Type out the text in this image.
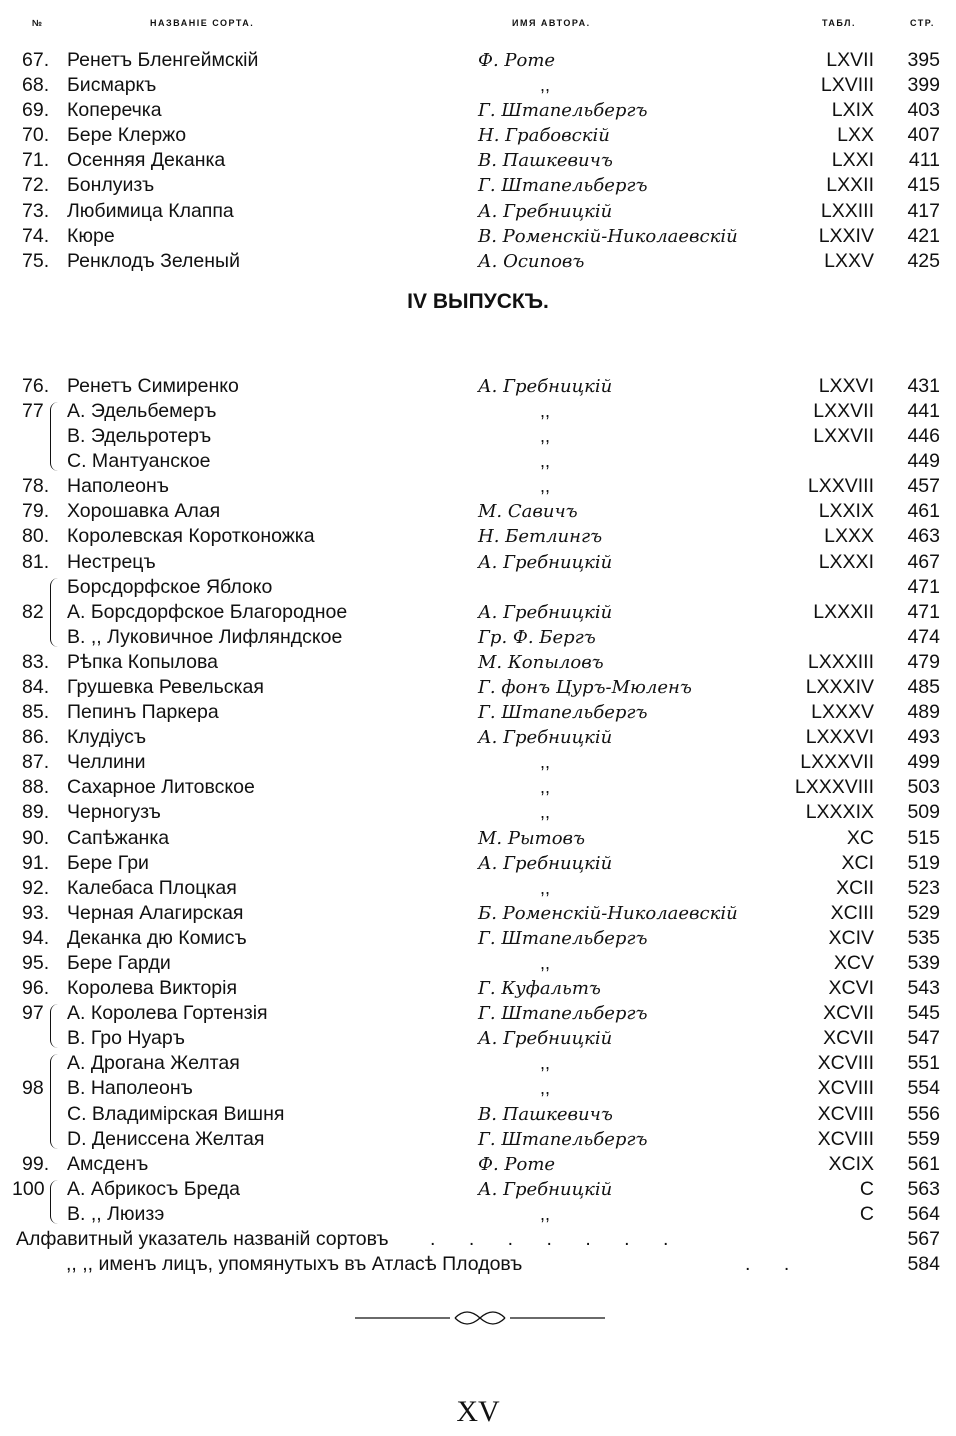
№	НАЗВАНIЕ СОРТА.	ИМЯ АВТОРА.	ТАБЛ.	СТР.
67. Ренетъ Бленгеймскiй	Ф. Роте	LXVII 395
68. Бисмаркъ	,,	LXVIII 399
69. Коперечка	Г. Штапельбергъ	LXIX 403
70. Бере Клержо	Н. Грабовскiй	LXX 407
71. Осенняя Деканка	В. Пашкевичъ	LXXI 411
72. Бонлуизъ	Г. Штапельбергъ	LXXII 415
73. Любимица Клаппа	А. Гребницкiй	LXXIII 417
74. Кюре	В. Роменскiй-Николаевскiй	LXXIV 421
75. Ренклодъ Зеленый	А. Осиповъ	LXXV 425
IV ВЫПУСКЪ.
76. Ренетъ Симиренко	А. Гребницкiй	LXXVI 431
77	А. Эдельбемеръ	,,	LXXVII 441
В. Эдельротеръ	,,	LXXVII 446
С. Мантуанское	,,	449
78. Наполеонъ	,,	LXXVIII 457
79. Хорошавка Алая	М. Савичъ	LXXIX 461
80. Королевская Коротконожка	Н. Бетлингъ	LXXX 463
81. Нестрецъ	А. Гребницкiй	LXXXI 467
Борсдорфское Яблоко	471
82	А. Борсдорфское Благородное	А. Гребницкiй	LXXXII 471
В. ,, Луковичное Лифляндское	Гр. Ф. Бергъ	474
83. Рѣпка Копылова	М. Копыловъ	LXXXIII 479
84. Грушевка Ревельская	Г. фонъ Цуръ-Мюленъ	LXXXIV 485
85. Пепинъ Паркера	Г. Штапельбергъ	LXXXV 489
86. Клудiусъ	А. Гребницкiй	LXXXVI 493
87. Челлини	,,	LXXXVII 499
88. Сахарное Литовское	,,	LXXXVIII 503
89. Черногузъ	,,	LXXXIX 509
90. Сапѣжанка	М. Рытовъ	XC 515
91. Бере Гри	А. Гребницкiй	XCI 519
92. Калебаса Плоцкая	,,	XCII 523
93. Черная Алагирская	Б. Роменскiй-Николаевскiй	XCIII 529
94. Деканка дю Комисъ	Г. Штапельбергъ	XCIV 535
95. Бере Гарди	,,	XCV 539
96. Королева Викторiя	Г. Куфальтъ	XCVI 543
97	А. Королева Гортензiя	Г. Штапельбергъ	XCVII 545
В. Гро Нуаръ	А. Гребницкiй	XCVII 547
А. Дрогана Желтая	,,	XCVIII 551
98	В. Наполеонъ	,,	XCVIII 554
С. Владимiрская Вишня	В. Пашкевичъ	XCVIII 556
D. Дениссена Желтая	Г. Штапельбергъ	XCVIII 559
99. Амсденъ	Ф. Роте	XCIX 561
100 А. Абрикосъ Бреда	А. Гребницкiй	C 563
В. ,, Люизэ	,,	C 564
Алфавитный указатель названiй сортовъ . . . . . . .	567
,, ,, именъ лицъ, упомянутыхъ въ Атласѣ Плодовъ	. .	584
XV
